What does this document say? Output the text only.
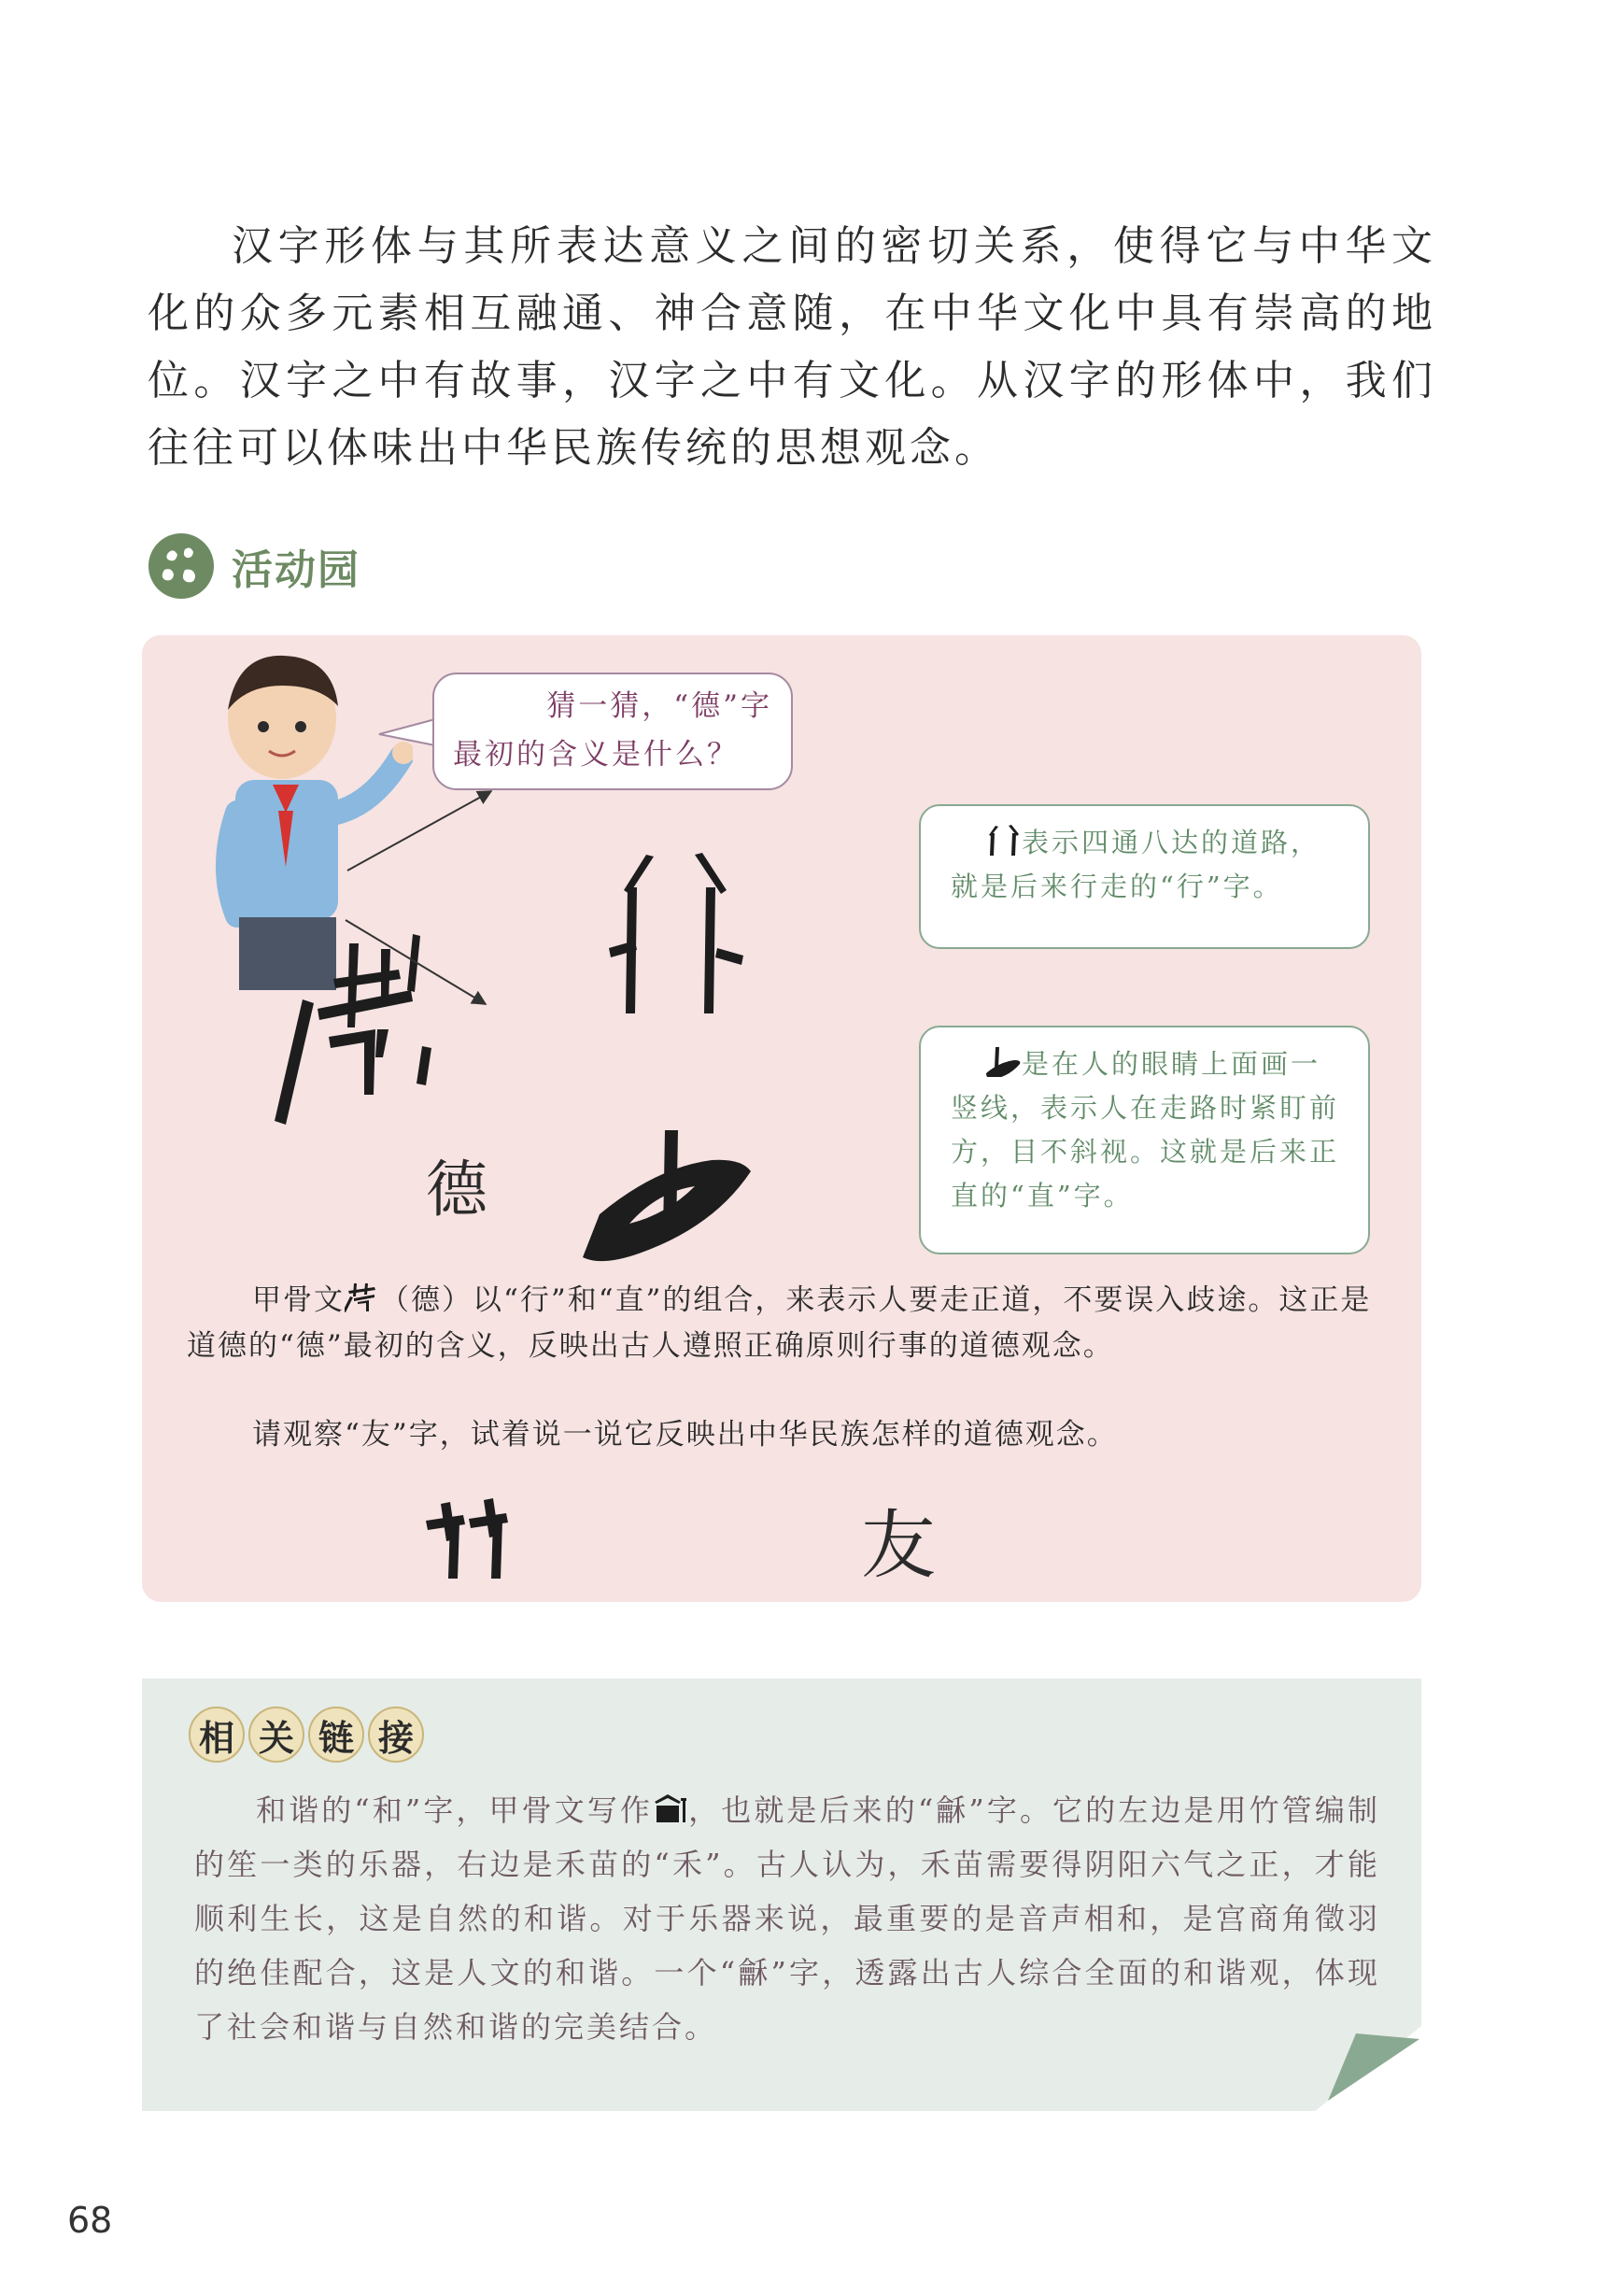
汉字形体与其所表达意义之间的密切关系，使得它与中华文化的众多元素相互融通、神合意随，在中华文化中具有崇高的地位。汉字之中有故事，汉字之中有文化。从汉字的形体中，我们往往可以体味出中华民族传统的思想观念。

活动园
猜一猜，“德”字
最初的含义是什么？
德
表示四通八达的道路，就是后来行走的“行”字。
是在人的眼睛上面画一竖线，表示人在走路时紧盯前方，目不斜视。这就是后来正直的“直”字。
甲骨文 （德）以“行”和“直”的组合，来表示人要走正道，不要误入歧途。这正是道德的“德”最初的含义，反映出古人遵照正确原则行事的道德观念。
请观察“友”字，试着说一说它反映出中华民族怎样的道德观念。
友
相 关 链 接

和谐的“和”字，甲骨文写作 ，也就是后来的“龢”字。它的左边是用竹管编制的笙一类的乐器，右边是禾苗的“禾”。古人认为，禾苗需要得阴阳六气之正，才能顺利生长，这是自然的和谐。对于乐器来说，最重要的是音声相和，是宫商角徵羽的绝佳配合，这是人文的和谐。一个“龢”字，透露出古人综合全面的和谐观，体现了社会和谐与自然和谐的完美结合。

68
